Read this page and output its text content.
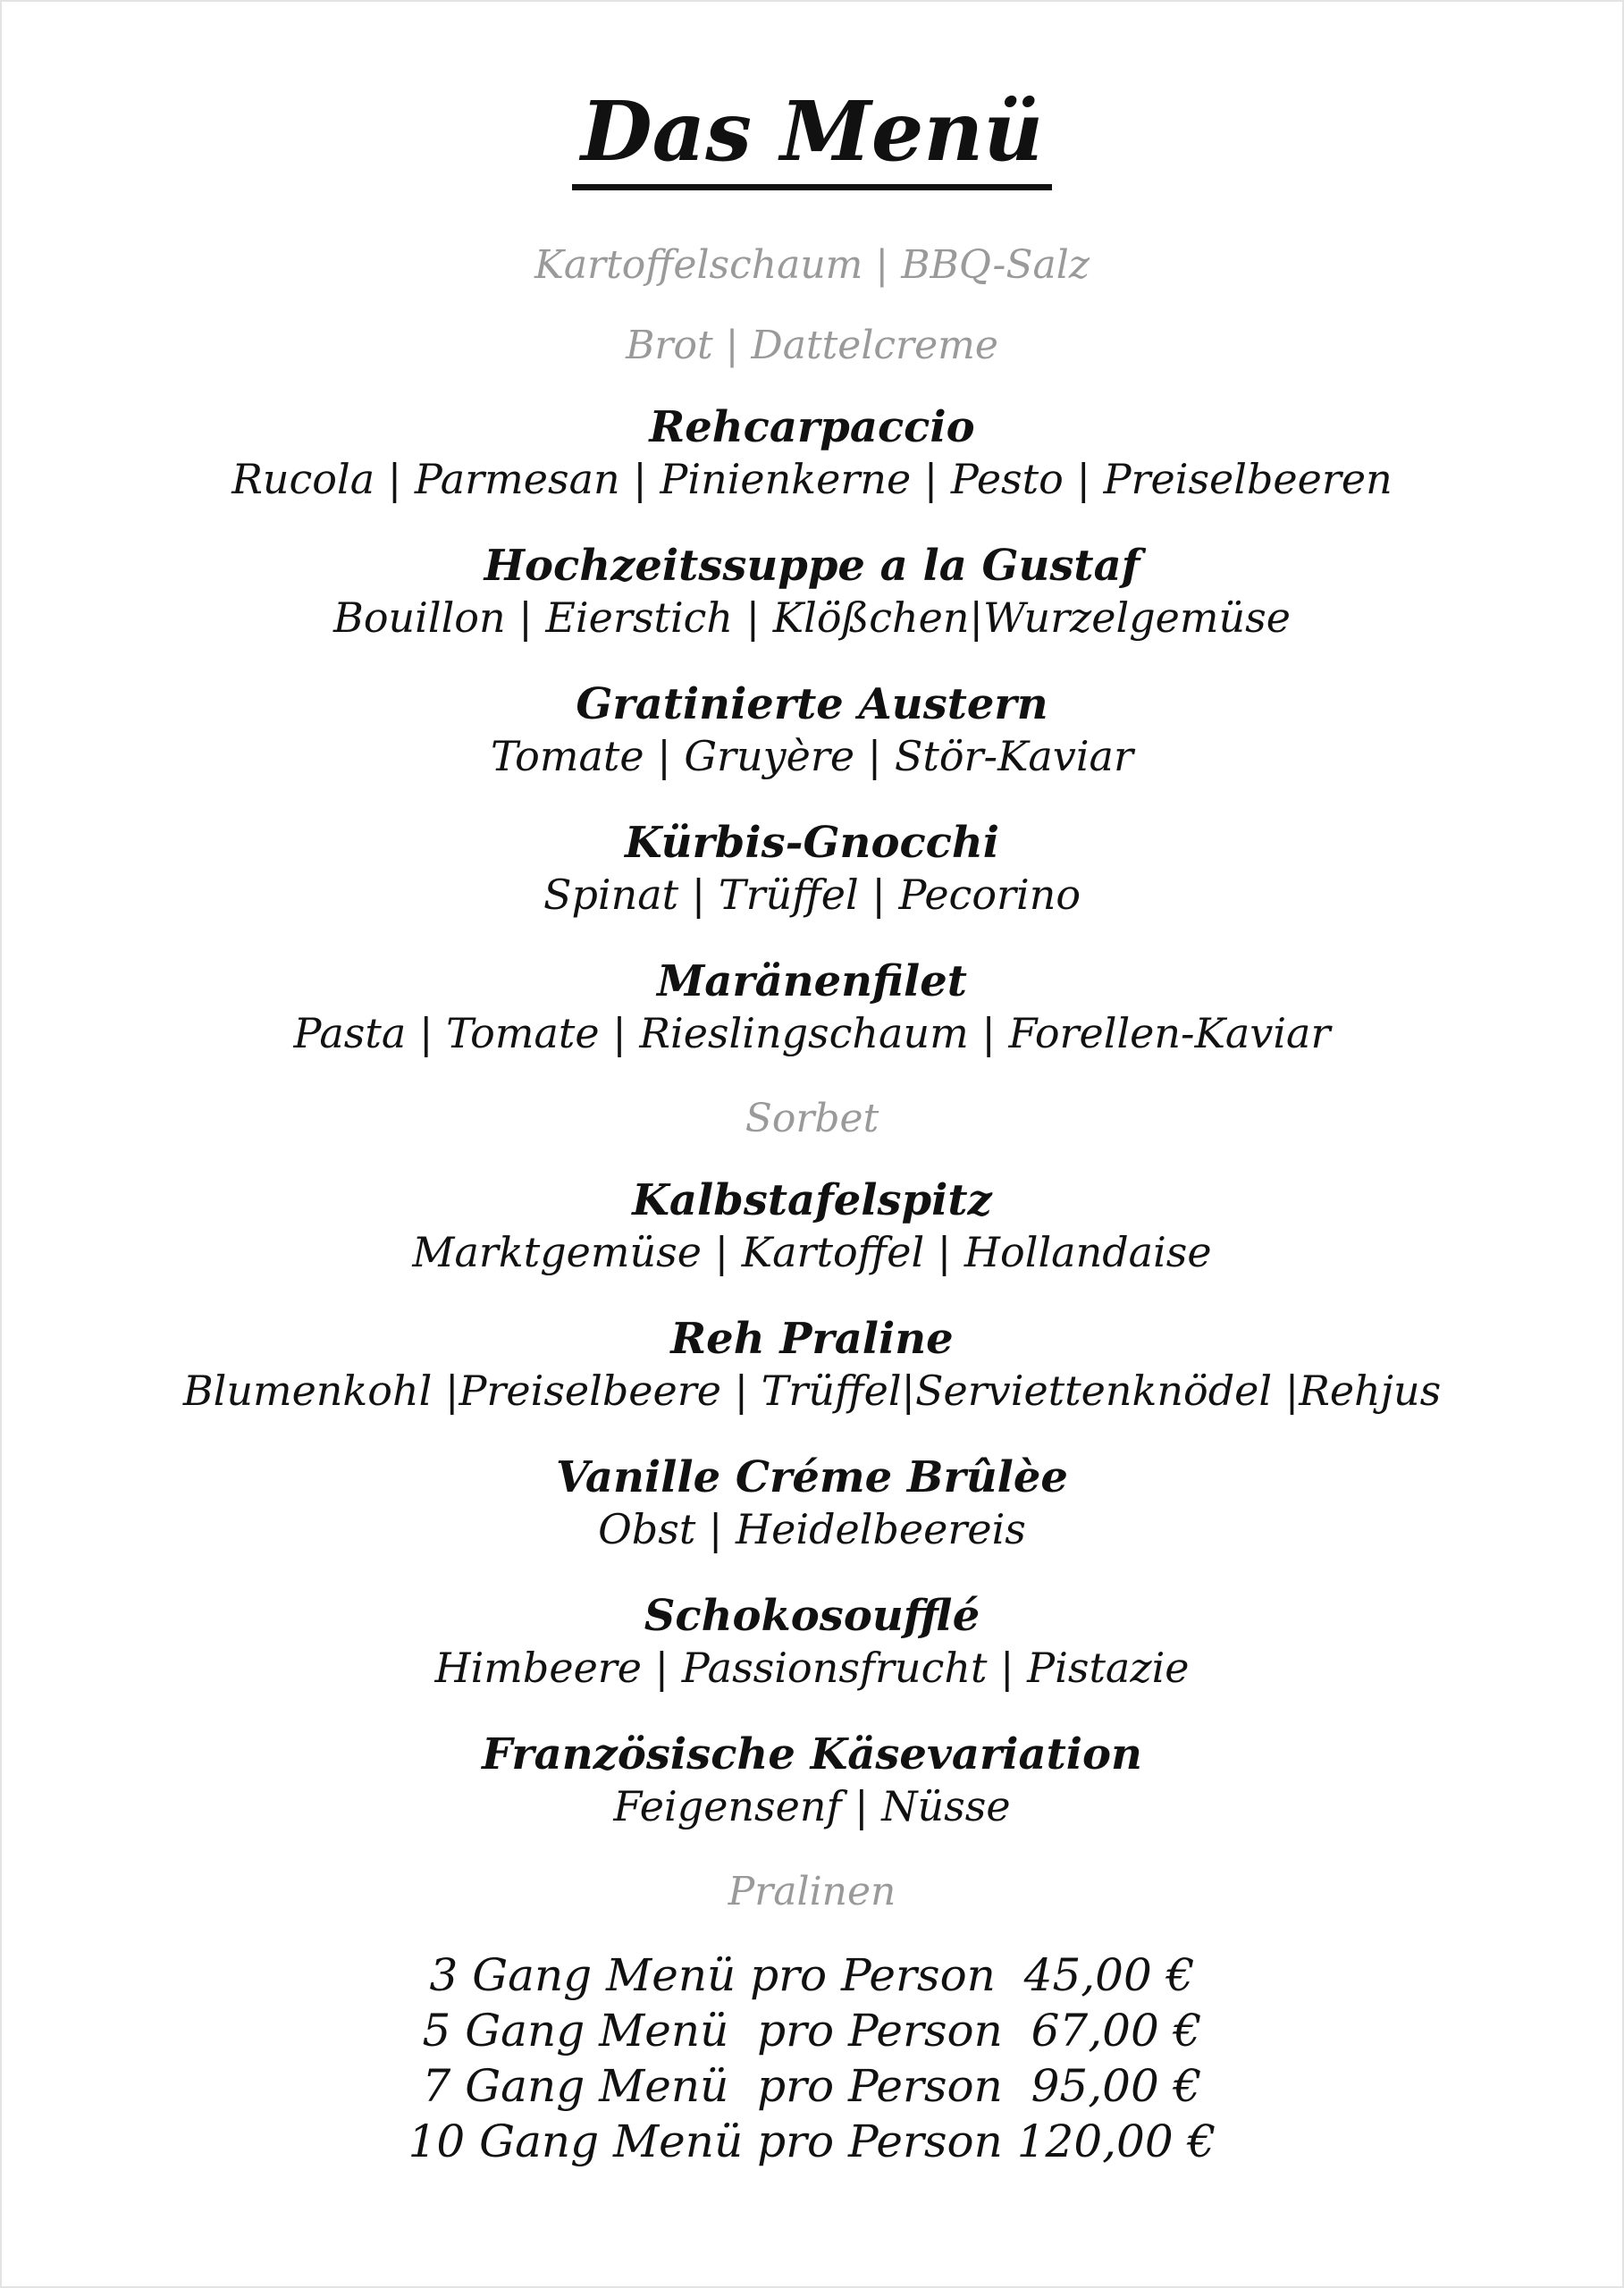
Das Menü
Kartoffelschaum | BBQ-Salz
Brot | Dattelcreme

Rehcarpaccio

Rucola | Parmesan | Pinienkerne | Pesto | Preiselbeeren

Hochzeitssuppe a la Gustaf

Bouillon | Eierstich | Klößchen|Wurzelgemüse

Gratinierte Austern

Tomate | Gruyère | Stör-Kaviar

Kürbis-Gnocchi

Spinat | Trüffel | Pecorino

Maränenfilet

Pasta | Tomate | Rieslingschaum | Forellen-Kaviar

Sorbet

Kalbstafelspitz

Marktgemüse | Kartoffel | Hollandaise

Reh Praline

Blumenkohl |Preiselbeere | Trüffel|Serviettenknödel |Rehjus

Vanille Créme Brûlèe

Obst | Heidelbeereis

Schokosoufflé

Himbeere | Passionsfrucht | Pistazie

Französische Käsevariation

Feigensenf | Nüsse

Pralinen

3 Gang Menü pro Person  45,00 €

5 Gang Menü  pro Person  67,00 €

7 Gang Menü  pro Person  95,00 €

10 Gang Menü pro Person 120,00 €
